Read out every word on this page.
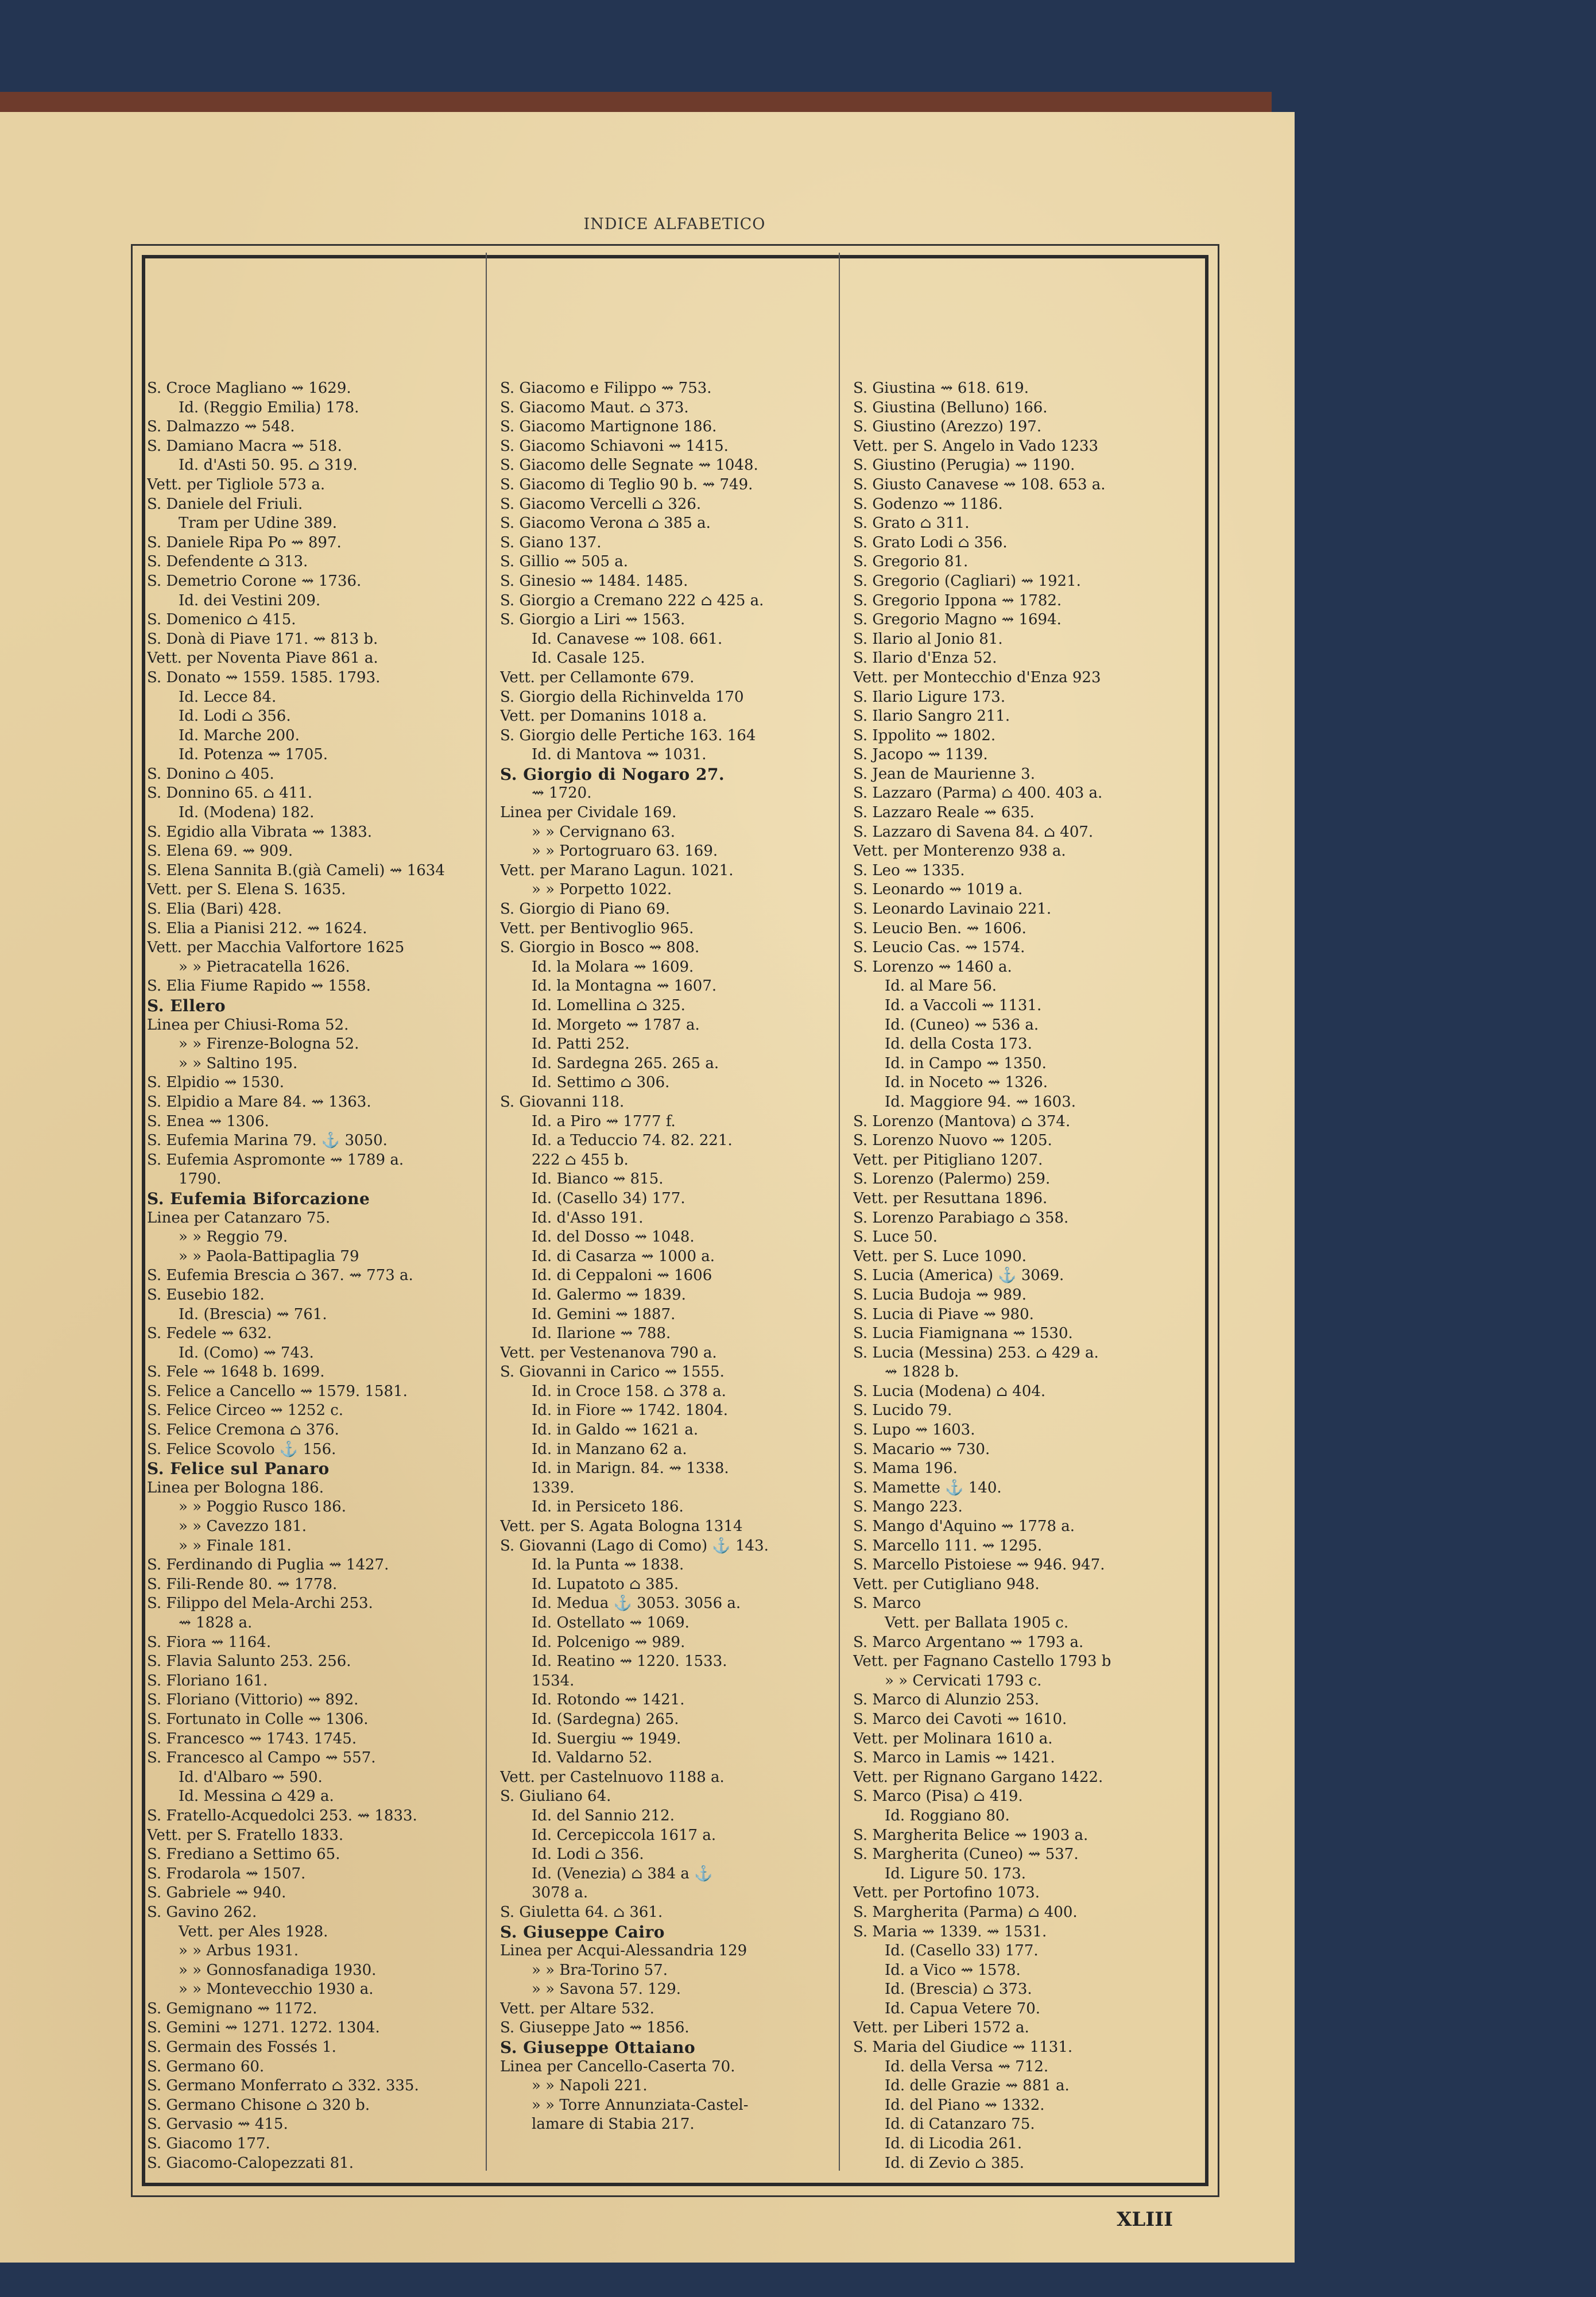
INDICE ALFABETICO
S. Croce Magliano ⇝ 1629.
Id. (Reggio Emilia) 178.
S. Dalmazzo ⇝ 548.
S. Damiano Macra ⇝ 518.
Id. d'Asti 50. 95. ⌂ 319.
Vett. per Tigliole 573 a.
S. Daniele del Friuli.
Tram per Udine 389.
S. Daniele Ripa Po ⇝ 897.
S. Defendente ⌂ 313.
S. Demetrio Corone ⇝ 1736.
Id. dei Vestini 209.
S. Domenico ⌂ 415.
S. Donà di Piave 171. ⇝ 813 b.
Vett. per Noventa Piave 861 a.
S. Donato ⇝ 1559. 1585. 1793.
Id. Lecce 84.
Id. Lodi ⌂ 356.
Id. Marche 200.
Id. Potenza ⇝ 1705.
S. Donino ⌂ 405.
S. Donnino 65. ⌂ 411.
Id. (Modena) 182.
S. Egidio alla Vibrata ⇝ 1383.
S. Elena 69. ⇝ 909.
S. Elena Sannita B.(già Cameli) ⇝ 1634
Vett. per S. Elena S. 1635.
S. Elia (Bari) 428.
S. Elia a Pianisi 212. ⇝ 1624.
Vett. per Macchia Valfortore 1625
» » Pietracatella 1626.
S. Elia Fiume Rapido ⇝ 1558.
S. Ellero
Linea per Chiusi-Roma 52.
» » Firenze-Bologna 52.
» » Saltino 195.
S. Elpidio ⇝ 1530.
S. Elpidio a Mare 84. ⇝ 1363.
S. Enea ⇝ 1306.
S. Eufemia Marina 79. ⚓ 3050.
S. Eufemia Aspromonte ⇝ 1789 a.
1790.
S. Eufemia Biforcazione
Linea per Catanzaro 75.
» » Reggio 79.
» » Paola-Battipaglia 79
S. Eufemia Brescia ⌂ 367. ⇝ 773 a.
S. Eusebio 182.
Id. (Brescia) ⇝ 761.
S. Fedele ⇝ 632.
Id. (Como) ⇝ 743.
S. Fele ⇝ 1648 b. 1699.
S. Felice a Cancello ⇝ 1579. 1581.
S. Felice Circeo ⇝ 1252 c.
S. Felice Cremona ⌂ 376.
S. Felice Scovolo ⚓ 156.
S. Felice sul Panaro
Linea per Bologna 186.
» » Poggio Rusco 186.
» » Cavezzo 181.
» » Finale 181.
S. Ferdinando di Puglia ⇝ 1427.
S. Fili-Rende 80. ⇝ 1778.
S. Filippo del Mela-Archi 253.
⇝ 1828 a.
S. Fiora ⇝ 1164.
S. Flavia Salunto 253. 256.
S. Floriano 161.
S. Floriano (Vittorio) ⇝ 892.
S. Fortunato in Colle ⇝ 1306.
S. Francesco ⇝ 1743. 1745.
S. Francesco al Campo ⇝ 557.
Id. d'Albaro ⇝ 590.
Id. Messina ⌂ 429 a.
S. Fratello-Acquedolci 253. ⇝ 1833.
Vett. per S. Fratello 1833.
S. Frediano a Settimo 65.
S. Frodarola ⇝ 1507.
S. Gabriele ⇝ 940.
S. Gavino 262.
Vett. per Ales 1928.
» » Arbus 1931.
» » Gonnosfanadiga 1930.
» » Montevecchio 1930 a.
S. Gemignano ⇝ 1172.
S. Gemini ⇝ 1271. 1272. 1304.
S. Germain des Fossés 1.
S. Germano 60.
S. Germano Monferrato ⌂ 332. 335.
S. Germano Chisone ⌂ 320 b.
S. Gervasio ⇝ 415.
S. Giacomo 177.
S. Giacomo-Calopezzati 81.
S. Giacomo e Filippo ⇝ 753.
S. Giacomo Maut. ⌂ 373.
S. Giacomo Martignone 186.
S. Giacomo Schiavoni ⇝ 1415.
S. Giacomo delle Segnate ⇝ 1048.
S. Giacomo di Teglio 90 b. ⇝ 749.
S. Giacomo Vercelli ⌂ 326.
S. Giacomo Verona ⌂ 385 a.
S. Giano 137.
S. Gillio ⇝ 505 a.
S. Ginesio ⇝ 1484. 1485.
S. Giorgio a Cremano 222 ⌂ 425 a.
S. Giorgio a Liri ⇝ 1563.
Id. Canavese ⇝ 108. 661.
Id. Casale 125.
Vett. per Cellamonte 679.
S. Giorgio della Richinvelda 170
Vett. per Domanins 1018 a.
S. Giorgio delle Pertiche 163. 164
Id. di Mantova ⇝ 1031.
S. Giorgio di Nogaro 27.
⇝ 1720.
Linea per Cividale 169.
» » Cervignano 63.
» » Portogruaro 63. 169.
Vett. per Marano Lagun. 1021.
» » Porpetto 1022.
S. Giorgio di Piano 69.
Vett. per Bentivoglio 965.
S. Giorgio in Bosco ⇝ 808.
Id. la Molara ⇝ 1609.
Id. la Montagna ⇝ 1607.
Id. Lomellina ⌂ 325.
Id. Morgeto ⇝ 1787 a.
Id. Patti 252.
Id. Sardegna 265. 265 a.
Id. Settimo ⌂ 306.
S. Giovanni 118.
Id. a Piro ⇝ 1777 f.
Id. a Teduccio 74. 82. 221.
222 ⌂ 455 b.
Id. Bianco ⇝ 815.
Id. (Casello 34) 177.
Id. d'Asso 191.
Id. del Dosso ⇝ 1048.
Id. di Casarza ⇝ 1000 a.
Id. di Ceppaloni ⇝ 1606
Id. Galermo ⇝ 1839.
Id. Gemini ⇝ 1887.
Id. Ilarione ⇝ 788.
Vett. per Vestenanova 790 a.
S. Giovanni in Carico ⇝ 1555.
Id. in Croce 158. ⌂ 378 a.
Id. in Fiore ⇝ 1742. 1804.
Id. in Galdo ⇝ 1621 a.
Id. in Manzano 62 a.
Id. in Marign. 84. ⇝ 1338.
1339.
Id. in Persiceto 186.
Vett. per S. Agata Bologna 1314
S. Giovanni (Lago di Como) ⚓ 143.
Id. la Punta ⇝ 1838.
Id. Lupatoto ⌂ 385.
Id. Medua ⚓ 3053. 3056 a.
Id. Ostellato ⇝ 1069.
Id. Polcenigo ⇝ 989.
Id. Reatino ⇝ 1220. 1533.
1534.
Id. Rotondo ⇝ 1421.
Id. (Sardegna) 265.
Id. Suergiu ⇝ 1949.
Id. Valdarno 52.
Vett. per Castelnuovo 1188 a.
S. Giuliano 64.
Id. del Sannio 212.
Id. Cercepiccola 1617 a.
Id. Lodi ⌂ 356.
Id. (Venezia) ⌂ 384 a ⚓
3078 a.
S. Giuletta 64. ⌂ 361.
S. Giuseppe Cairo
Linea per Acqui-Alessandria 129
» » Bra-Torino 57.
» » Savona 57. 129.
Vett. per Altare 532.
S. Giuseppe Jato ⇝ 1856.
S. Giuseppe Ottaiano
Linea per Cancello-Caserta 70.
» » Napoli 221.
» » Torre Annunziata-Castel-
lamare di Stabia 217.
S. Giustina ⇝ 618. 619.
S. Giustina (Belluno) 166.
S. Giustino (Arezzo) 197.
Vett. per S. Angelo in Vado 1233
S. Giustino (Perugia) ⇝ 1190.
S. Giusto Canavese ⇝ 108. 653 a.
S. Godenzo ⇝ 1186.
S. Grato ⌂ 311.
S. Grato Lodi ⌂ 356.
S. Gregorio 81.
S. Gregorio (Cagliari) ⇝ 1921.
S. Gregorio Ippona ⇝ 1782.
S. Gregorio Magno ⇝ 1694.
S. Ilario al Jonio 81.
S. Ilario d'Enza 52.
Vett. per Montecchio d'Enza 923
S. Ilario Ligure 173.
S. Ilario Sangro 211.
S. Ippolito ⇝ 1802.
S. Jacopo ⇝ 1139.
S. Jean de Maurienne 3.
S. Lazzaro (Parma) ⌂ 400. 403 a.
S. Lazzaro Reale ⇝ 635.
S. Lazzaro di Savena 84. ⌂ 407.
Vett. per Monterenzo 938 a.
S. Leo ⇝ 1335.
S. Leonardo ⇝ 1019 a.
S. Leonardo Lavinaio 221.
S. Leucio Ben. ⇝ 1606.
S. Leucio Cas. ⇝ 1574.
S. Lorenzo ⇝ 1460 a.
Id. al Mare 56.
Id. a Vaccoli ⇝ 1131.
Id. (Cuneo) ⇝ 536 a.
Id. della Costa 173.
Id. in Campo ⇝ 1350.
Id. in Noceto ⇝ 1326.
Id. Maggiore 94. ⇝ 1603.
S. Lorenzo (Mantova) ⌂ 374.
S. Lorenzo Nuovo ⇝ 1205.
Vett. per Pitigliano 1207.
S. Lorenzo (Palermo) 259.
Vett. per Resuttana 1896.
S. Lorenzo Parabiago ⌂ 358.
S. Luce 50.
Vett. per S. Luce 1090.
S. Lucia (America) ⚓ 3069.
S. Lucia Budoja ⇝ 989.
S. Lucia di Piave ⇝ 980.
S. Lucia Fiamignana ⇝ 1530.
S. Lucia (Messina) 253. ⌂ 429 a.
⇝ 1828 b.
S. Lucia (Modena) ⌂ 404.
S. Lucido 79.
S. Lupo ⇝ 1603.
S. Macario ⇝ 730.
S. Mama 196.
S. Mamette ⚓ 140.
S. Mango 223.
S. Mango d'Aquino ⇝ 1778 a.
S. Marcello 111. ⇝ 1295.
S. Marcello Pistoiese ⇝ 946. 947.
Vett. per Cutigliano 948.
S. Marco
Vett. per Ballata 1905 c.
S. Marco Argentano ⇝ 1793 a.
Vett. per Fagnano Castello 1793 b
» » Cervicati 1793 c.
S. Marco di Alunzio 253.
S. Marco dei Cavoti ⇝ 1610.
Vett. per Molinara 1610 a.
S. Marco in Lamis ⇝ 1421.
Vett. per Rignano Gargano 1422.
S. Marco (Pisa) ⌂ 419.
Id. Roggiano 80.
S. Margherita Belice ⇝ 1903 a.
S. Margherita (Cuneo) ⇝ 537.
Id. Ligure 50. 173.
Vett. per Portofino 1073.
S. Margherita (Parma) ⌂ 400.
S. Maria ⇝ 1339. ⇝ 1531.
Id. (Casello 33) 177.
Id. a Vico ⇝ 1578.
Id. (Brescia) ⌂ 373.
Id. Capua Vetere 70.
Vett. per Liberi 1572 a.
S. Maria del Giudice ⇝ 1131.
Id. della Versa ⇝ 712.
Id. delle Grazie ⇝ 881 a.
Id. del Piano ⇝ 1332.
Id. di Catanzaro 75.
Id. di Licodia 261.
Id. di Zevio ⌂ 385.
XLIII
